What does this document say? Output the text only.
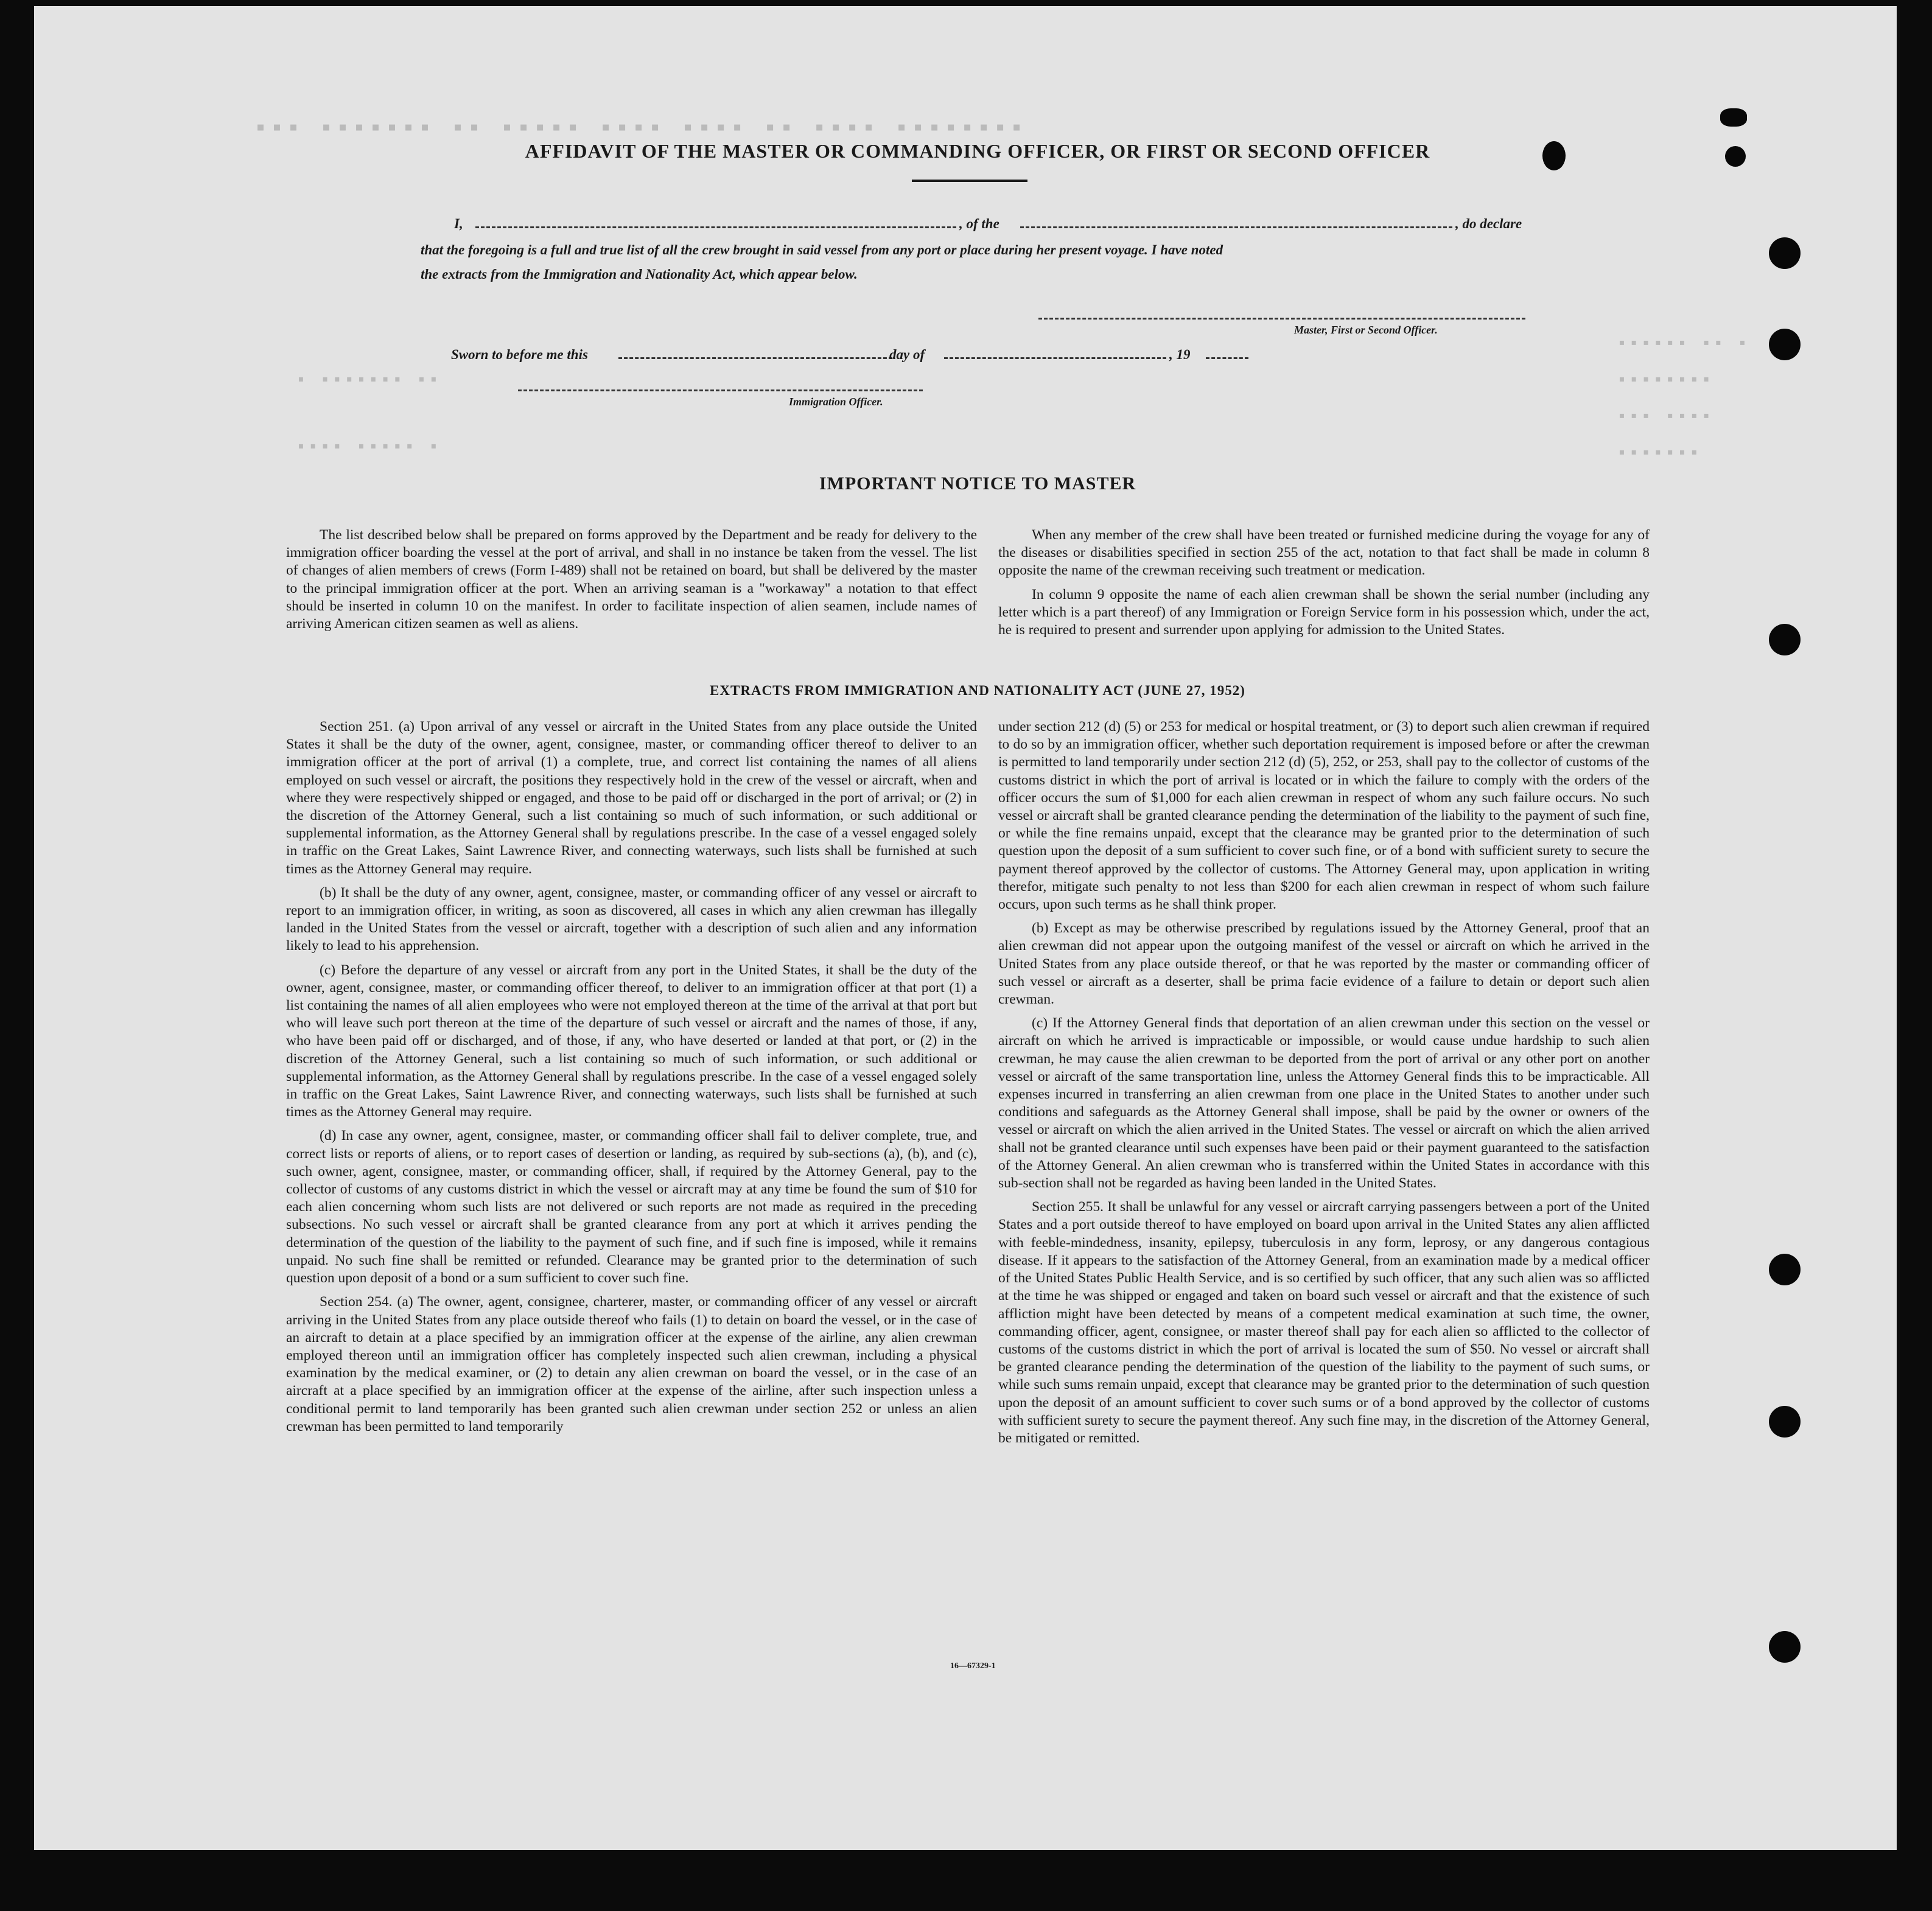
▪▪▪ ▪▪▪▪▪▪▪ ▪▪ ▪▪▪▪▪ ▪▪▪▪ ▪▪▪▪ ▪▪ ▪▪▪▪ ▪▪▪▪▪▪▪▪
▪▪▪▪▪▪ ▪▪ ▪
▪▪▪▪▪▪▪▪
▪▪▪ ▪▪▪▪
▪▪▪▪▪▪▪
▪ ▪▪▪▪▪▪▪ ▪▪
▪▪▪▪ ▪▪▪▪▪ ▪
AFFIDAVIT OF THE MASTER OR COMMANDING OFFICER, OR FIRST OR SECOND OFFICER
I,	, of the	, do declare
that the foregoing is a full and true list of all the crew brought in said vessel from any port or place during her present voyage. I have noted
the extracts from the Immigration and Nationality Act, which appear below.
Master, First or Second Officer.
Sworn to before me this	day of	, 19
Immigration Officer.
IMPORTANT NOTICE TO MASTER

The list described below shall be prepared on forms approved by the Department and be ready for delivery to the immigration officer boarding the vessel at the port of arrival, and shall in no instance be taken from the vessel. The list of changes of alien members of crews (Form I-489) shall not be retained on board, but shall be delivered by the master to the principal immigration officer at the port. When an arriving seaman is a "workaway" a notation to that effect should be inserted in column 10 on the manifest. In order to facilitate inspection of alien seamen, include names of arriving American citizen seamen as well as aliens.

When any member of the crew shall have been treated or furnished medicine during the voyage for any of the diseases or disabilities specified in section 255 of the act, notation to that fact shall be made in column 8 opposite the name of the crewman receiving such treatment or medication.

In column 9 opposite the name of each alien crewman shall be shown the serial number (including any letter which is a part thereof) of any Immigration or Foreign Service form in his possession which, under the act, he is required to present and surrender upon applying for admission to the United States.

EXTRACTS FROM IMMIGRATION AND NATIONALITY ACT (JUNE 27, 1952)

Section 251. (a) Upon arrival of any vessel or aircraft in the United States from any place outside the United States it shall be the duty of the owner, agent, consignee, master, or commanding officer thereof to deliver to an immigration officer at the port of arrival (1) a complete, true, and correct list containing the names of all aliens employed on such vessel or aircraft, the positions they respectively hold in the crew of the vessel or aircraft, when and where they were respectively shipped or engaged, and those to be paid off or discharged in the port of arrival; or (2) in the discretion of the Attorney General, such a list containing so much of such information, or such additional or supplemental information, as the Attorney General shall by regulations prescribe. In the case of a vessel engaged solely in traffic on the Great Lakes, Saint Lawrence River, and connecting waterways, such lists shall be furnished at such times as the Attorney General may require.

(b) It shall be the duty of any owner, agent, consignee, master, or commanding officer of any vessel or aircraft to report to an immigration officer, in writing, as soon as discovered, all cases in which any alien crewman has illegally landed in the United States from the vessel or aircraft, together with a description of such alien and any information likely to lead to his apprehension.

(c) Before the departure of any vessel or aircraft from any port in the United States, it shall be the duty of the owner, agent, consignee, master, or commanding officer thereof, to deliver to an immigration officer at that port (1) a list containing the names of all alien employees who were not employed thereon at the time of the arrival at that port but who will leave such port thereon at the time of the departure of such vessel or aircraft and the names of those, if any, who have been paid off or discharged, and of those, if any, who have deserted or landed at that port, or (2) in the discretion of the Attorney General, such a list containing so much of such information, or such additional or supplemental information, as the Attorney General shall by regulations prescribe. In the case of a vessel engaged solely in traffic on the Great Lakes, Saint Lawrence River, and connecting waterways, such lists shall be furnished at such times as the Attorney General may require.

(d) In case any owner, agent, consignee, master, or commanding officer shall fail to deliver complete, true, and correct lists or reports of aliens, or to report cases of desertion or landing, as required by sub-sections (a), (b), and (c), such owner, agent, consignee, master, or commanding officer, shall, if required by the Attorney General, pay to the collector of customs of any customs district in which the vessel or aircraft may at any time be found the sum of $10 for each alien concerning whom such lists are not delivered or such reports are not made as required in the preceding subsections. No such vessel or aircraft shall be granted clearance from any port at which it arrives pending the determination of the question of the liability to the payment of such fine, and if such fine is imposed, while it remains unpaid. No such fine shall be remitted or refunded. Clearance may be granted prior to the determination of such question upon deposit of a bond or a sum sufficient to cover such fine.

Section 254. (a) The owner, agent, consignee, charterer, master, or commanding officer of any vessel or aircraft arriving in the United States from any place outside thereof who fails (1) to detain on board the vessel, or in the case of an aircraft to detain at a place specified by an immigration officer at the expense of the airline, any alien crewman employed thereon until an immigration officer has completely inspected such alien crewman, including a physical examination by the medical examiner, or (2) to detain any alien crewman on board the vessel, or in the case of an aircraft at a place specified by an immigration officer at the expense of the airline, after such inspection unless a conditional permit to land temporarily has been granted such alien crewman under section 252 or unless an alien crewman has been permitted to land temporarily

under section 212 (d) (5) or 253 for medical or hospital treatment, or (3) to deport such alien crewman if required to do so by an immigration officer, whether such deportation requirement is imposed before or after the crewman is permitted to land temporarily under section 212 (d) (5), 252, or 253, shall pay to the collector of customs of the customs district in which the port of arrival is located or in which the failure to comply with the orders of the officer occurs the sum of $1,000 for each alien crewman in respect of whom any such failure occurs. No such vessel or aircraft shall be granted clearance pending the determination of the liability to the payment of such fine, or while the fine remains unpaid, except that the clearance may be granted prior to the determination of such question upon the deposit of a sum sufficient to cover such fine, or of a bond with sufficient surety to secure the payment thereof approved by the collector of customs. The Attorney General may, upon application in writing therefor, mitigate such penalty to not less than $200 for each alien crewman in respect of whom such failure occurs, upon such terms as he shall think proper.

(b) Except as may be otherwise prescribed by regulations issued by the Attorney General, proof that an alien crewman did not appear upon the outgoing manifest of the vessel or aircraft on which he arrived in the United States from any place outside thereof, or that he was reported by the master or commanding officer of such vessel or aircraft as a deserter, shall be prima facie evidence of a failure to detain or deport such alien crewman.

(c) If the Attorney General finds that deportation of an alien crewman under this section on the vessel or aircraft on which he arrived is impracticable or impossible, or would cause undue hardship to such alien crewman, he may cause the alien crewman to be deported from the port of arrival or any other port on another vessel or aircraft of the same transportation line, unless the Attorney General finds this to be impracticable. All expenses incurred in transferring an alien crewman from one place in the United States to another under such conditions and safeguards as the Attorney General shall impose, shall be paid by the owner or owners of the vessel or aircraft on which the alien arrived in the United States. The vessel or aircraft on which the alien arrived shall not be granted clearance until such expenses have been paid or their payment guaranteed to the satisfaction of the Attorney General. An alien crewman who is transferred within the United States in accordance with this sub-section shall not be regarded as having been landed in the United States.

Section 255. It shall be unlawful for any vessel or aircraft carrying passengers between a port of the United States and a port outside thereof to have employed on board upon arrival in the United States any alien afflicted with feeble-mindedness, insanity, epilepsy, tuberculosis in any form, leprosy, or any dangerous contagious disease. If it appears to the satisfaction of the Attorney General, from an examination made by a medical officer of the United States Public Health Service, and is so certified by such officer, that any such alien was so afflicted at the time he was shipped or engaged and taken on board such vessel or aircraft and that the existence of such affliction might have been detected by means of a competent medical examination at such time, the owner, commanding officer, agent, consignee, or master thereof shall pay for each alien so afflicted to the collector of customs of the customs district in which the port of arrival is located the sum of $50. No vessel or aircraft shall be granted clearance pending the determination of the question of the liability to the payment of such sums, or while such sums remain unpaid, except that clearance may be granted prior to the determination of such question upon the deposit of an amount sufficient to cover such sums or of a bond approved by the collector of customs with sufficient surety to secure the payment thereof. Any such fine may, in the discretion of the Attorney General, be mitigated or remitted.

16—67329-1
